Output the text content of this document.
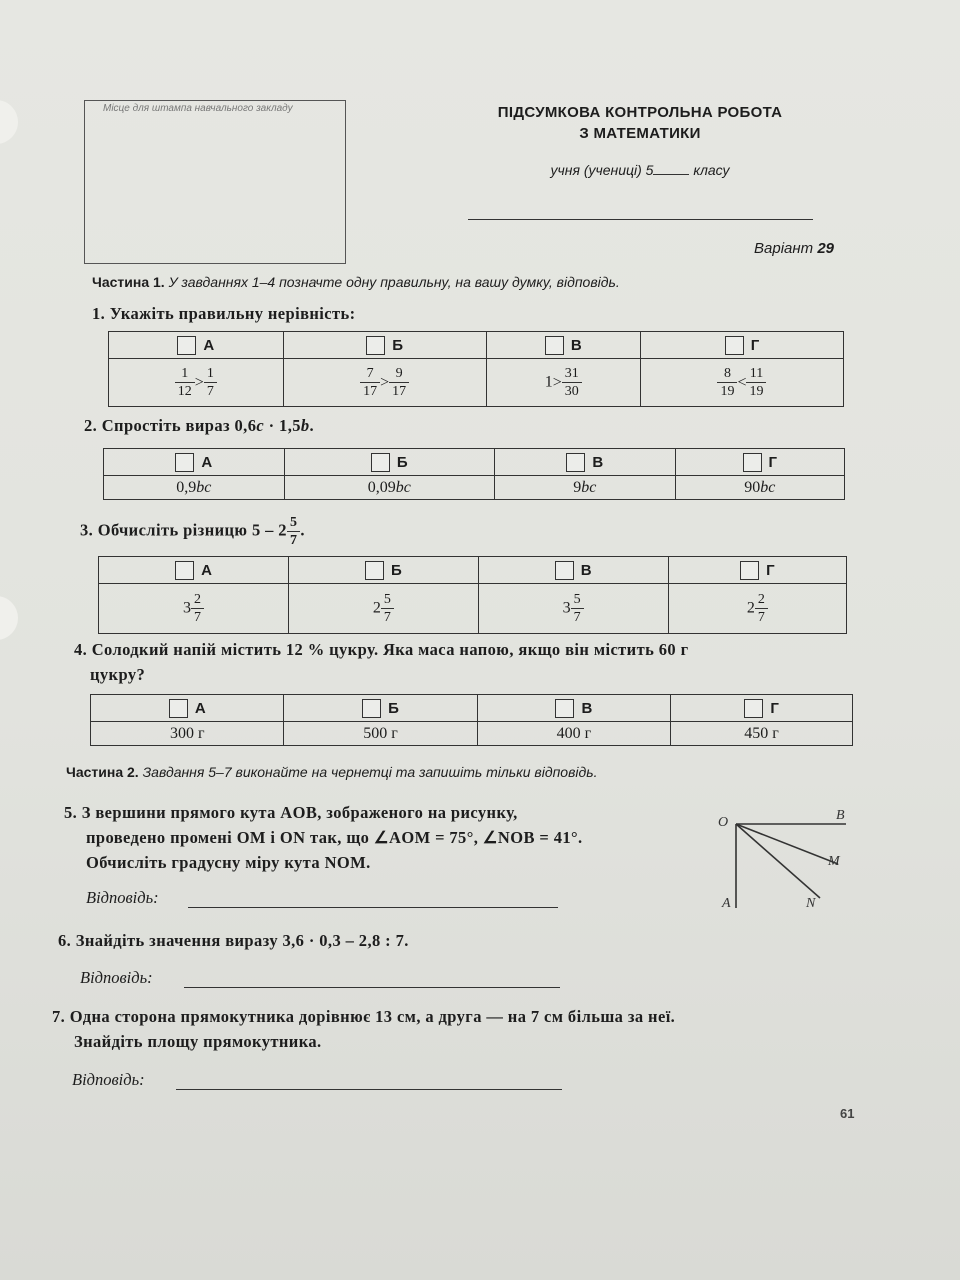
Місце для штампа навчального закладу	ПІДСУМКОВА КОНТРОЛЬНА РОБОТА
З МАТЕМАТИКИ
учня (учениці) 5	класу
Варіант 29
Частина 1. У завданнях 1–4 позначте одну правильну, на вашу думку, відповідь.
1. Укажіть правильну нерівність:
А	Б	В	Г

$\frac{1}{12} > \frac{1}{7}$	$\frac{7}{17} > \frac{9}{17}$	$1> \frac{31}{30}$	$\frac{8}{19} < \frac{11}{19}$
2. Спростіть вираз 0,6c · 1,5b.
А	Б	В	Г
0,9bc	0,09bc	9bc	90bc
3. Обчисліть різницю $5 - 2 \frac{5}{7}$ .
А	Б	В	Г
$3 \frac{2}{7}$	$2 \frac{5}{7}$	$3 \frac{5}{7}$	$2 \frac{2}{7}$
4. Солодкий напій містить 12 % цукру. Яка маса напою, якщо він містить 60 г
цукру?
А	Б	В	Г
300 г	500 г	400 г	450 г
Частина 2. Завдання 5–7 виконайте на чернетці та запишіть тільки відповідь.
5. З вершини прямого кута AOB, зображеного на рисунку,
проведено промені OM і ON так, що ∠AOM = 75°, ∠NOB = 41°.
Обчисліть градусну міру кута NOM.
O	B
M
N
A
Відповідь:
6. Знайдіть значення виразу 3,6 · 0,3 – 2,8 : 7.
Відповідь:
7. Одна сторона прямокутника дорівнює 13 см, а друга — на 7 см більша за неї.
Знайдіть площу прямокутника.
Відповідь:
61
